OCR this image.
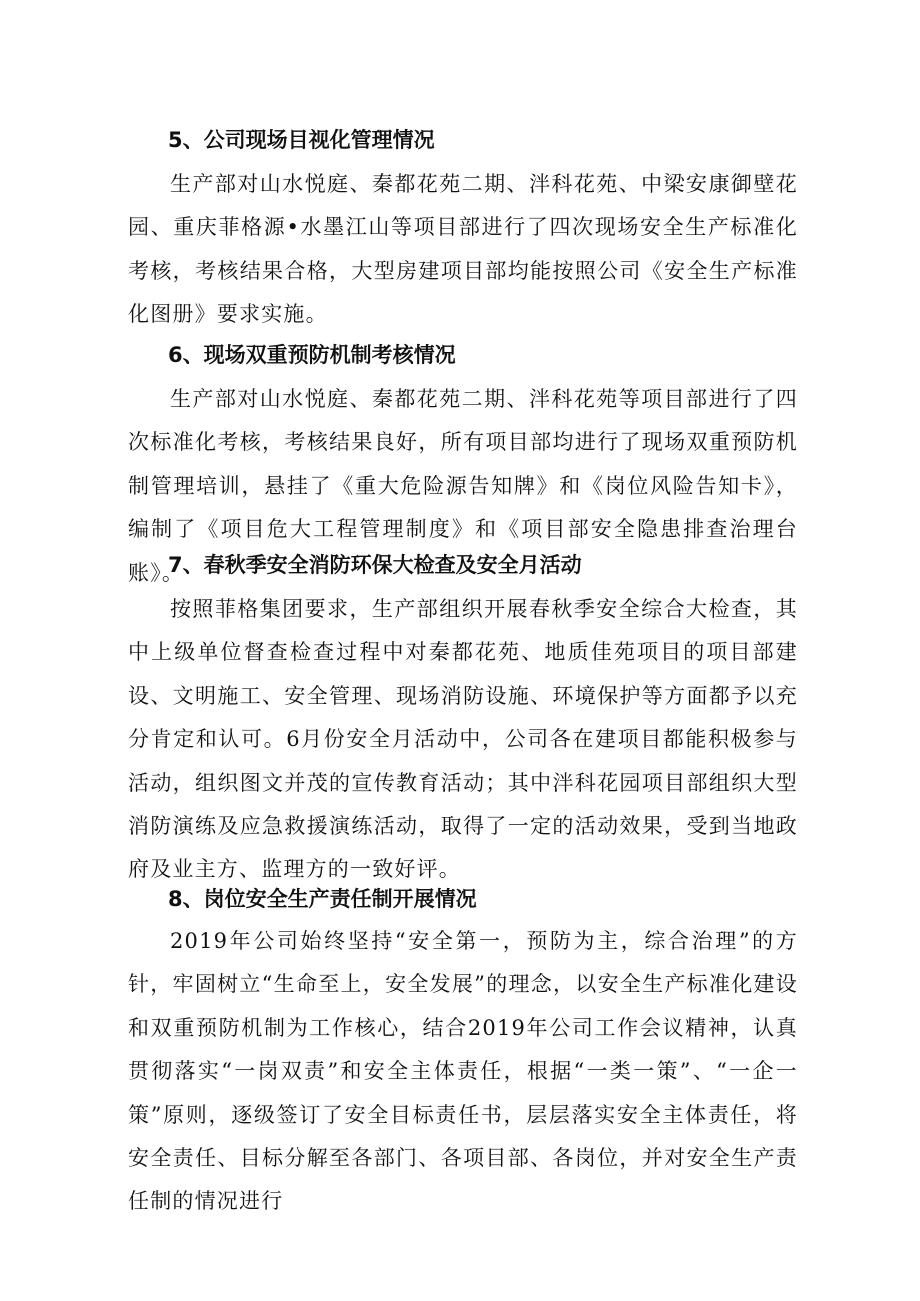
5、公司现场目视化管理情况
生产部对山水悦庭、秦都花苑二期、泮科花苑、中梁安康御壁花园、重庆菲格源•水墨江山等项目部进行了四次现场安全生产标准化考核，考核结果合格，大型房建项目部均能按照公司《安全生产标准化图册》要求实施。
6、现场双重预防机制考核情况
生产部对山水悦庭、秦都花苑二期、泮科花苑等项目部进行了四次标准化考核，考核结果良好，所有项目部均进行了现场双重预防机制管理培训，悬挂了《重大危险源告知牌》和《岗位风险告知卡》，编制了《项目危大工程管理制度》和《项目部安全隐患排查治理台账》。
7、春秋季安全消防环保大检查及安全月活动
按照菲格集团要求，生产部组织开展春秋季安全综合大检查，其中上级单位督查检查过程中对秦都花苑、地质佳苑项目的项目部建设、文明施工、安全管理、现场消防设施、环境保护等方面都予以充分肯定和认可。6月份安全月活动中，公司各在建项目都能积极参与活动，组织图文并茂的宣传教育活动；其中泮科花园项目部组织大型消防演练及应急救援演练活动，取得了一定的活动效果，受到当地政府及业主方、监理方的一致好评。
8、岗位安全生产责任制开展情况
2019年公司始终坚持“安全第一，预防为主，综合治理”的方针，牢固树立“生命至上，安全发展”的理念，以安全生产标准化建设和双重预防机制为工作核心，结合2019年公司工作会议精神，认真贯彻落实“一岗双责”和安全主体责任，根据“一类一策”、“一企一策”原则，逐级签订了安全目标责任书，层层落实安全主体责任，将安全责任、目标分解至各部门、各项目部、各岗位，并对安全生产责任制的情况进行
